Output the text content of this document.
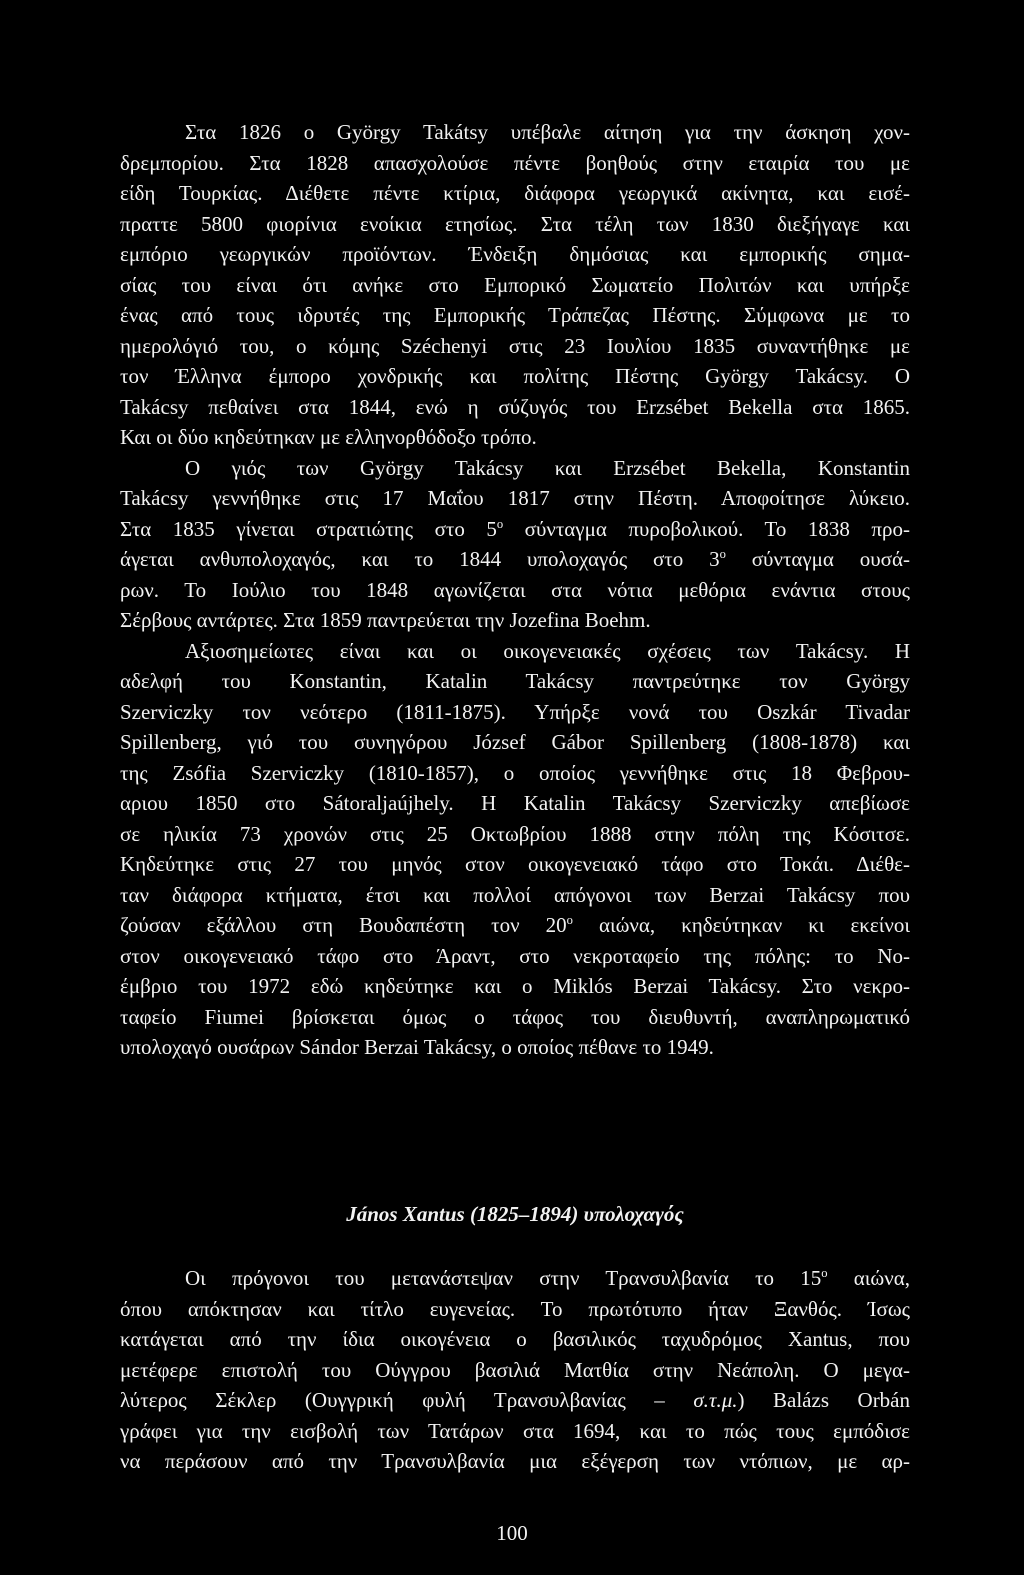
Στα 1826 ο György Takátsy υπέβαλε αίτηση για την άσκηση χον-

δρεμπορίου. Στα 1828 απασχολούσε πέντε βοηθούς στην εταιρία του με

είδη Τουρκίας. Διέθετε πέντε κτίρια, διάφορα γεωργικά ακίνητα, και εισέ-

πραττε 5800 φιορίνια ενοίκια ετησίως. Στα τέλη των 1830 διεξήγαγε και

εμπόριο γεωργικών προϊόντων. Ένδειξη δημόσιας και εμπορικής σημα-

σίας του είναι ότι ανήκε στο Εμπορικό Σωματείο Πολιτών και υπήρξε

ένας από τους ιδρυτές της Εμπορικής Τράπεζας Πέστης. Σύμφωνα με το

ημερολόγιό του, ο κόμης Széchenyi στις 23 Ιουλίου 1835 συναντήθηκε με

τον Έλληνα έμπορο χονδρικής και πολίτης Πέστης György Takácsy. Ο

Takácsy πεθαίνει στα 1844, ενώ η σύζυγός του Erzsébet Bekella στα 1865.

Και οι δύο κηδεύτηκαν με ελληνορθόδοξο τρόπο.

Ο γιός των György Takácsy και Erzsébet Bekella, Konstantin

Takácsy γεννήθηκε στις 17 Μαΐου 1817 στην Πέστη. Αποφοίτησε λύκειο.

Στα 1835 γίνεται στρατιώτης στο $5^o$ σύνταγμα πυροβολικού. Το 1838 προ-

άγεται ανθυπολοχαγός, και το 1844 υπολοχαγός στο $3^o$ σύνταγμα ουσά-

ρων. Το Ιούλιο του 1848 αγωνίζεται στα νότια μεθόρια ενάντια στους

Σέρβους αντάρτες. Στα 1859 παντρεύεται την Jozefina Boehm.

Αξιοσημείωτες είναι και οι οικογενειακές σχέσεις των Takácsy. Η

αδελφή του Konstantin, Katalin Takácsy παντρεύτηκε τον György

Szerviczky τον νεότερο (1811-1875). Υπήρξε νονά του Oszkár Tivadar

Spillenberg, γιό του συνηγόρου József Gábor Spillenberg (1808-1878) και

της Zsófia Szerviczky (1810-1857), ο οποίος γεννήθηκε στις 18 Φεβρου-

αριου 1850 στο Sátoraljaújhely. Η Katalin Takácsy Szerviczky απεβίωσε

σε ηλικία 73 χρονών στις 25 Οκτωβρίου 1888 στην πόλη της Κόσιτσε.

Κηδεύτηκε στις 27 του μηνός στον οικογενειακό τάφο στο Τοκάι. Διέθε-

ταν διάφορα κτήματα, έτσι και πολλοί απόγονοι των Berzai Takácsy που

ζούσαν εξάλλου στη Βουδαπέστη τον $20^o$ αιώνα, κηδεύτηκαν κι εκείνοι

στον οικογενειακό τάφο στο Άραντ, στο νεκροταφείο της πόλης: το Νο-

έμβριο του 1972 εδώ κηδεύτηκε και ο Miklós Berzai Takácsy. Στο νεκρο-

ταφείο Fiumei βρίσκεται όμως ο τάφος του διευθυντή, αναπληρωματικό

υπολοχαγό ουσάρων Sándor Berzai Takácsy, ο οποίος πέθανε το 1949.

János Xantus (1825–1894) υπολοχαγός

Οι πρόγονοι του μετανάστεψαν στην Τρανσυλβανία το $15^o$ αιώνα,

όπου απόκτησαν και τίτλο ευγενείας. Το πρωτότυπο ήταν Ξανθός. Ίσως

κατάγεται από την ίδια οικογένεια ο βασιλικός ταχυδρόμος Xantus, που

μετέφερε επιστολή του Ούγγρου βασιλιά Ματθία στην Νεάπολη. Ο μεγα-

λύτερος Σέκλερ (Ουγγρική φυλή Τρανσυλβανίας – σ.τ.μ.) Balázs Orbán

γράφει για την εισβολή των Τατάρων στα 1694, και το πώς τους εμπόδισε

να περάσουν από την Τρανσυλβανία μια εξέγερση των ντόπιων, με αρ-

100
